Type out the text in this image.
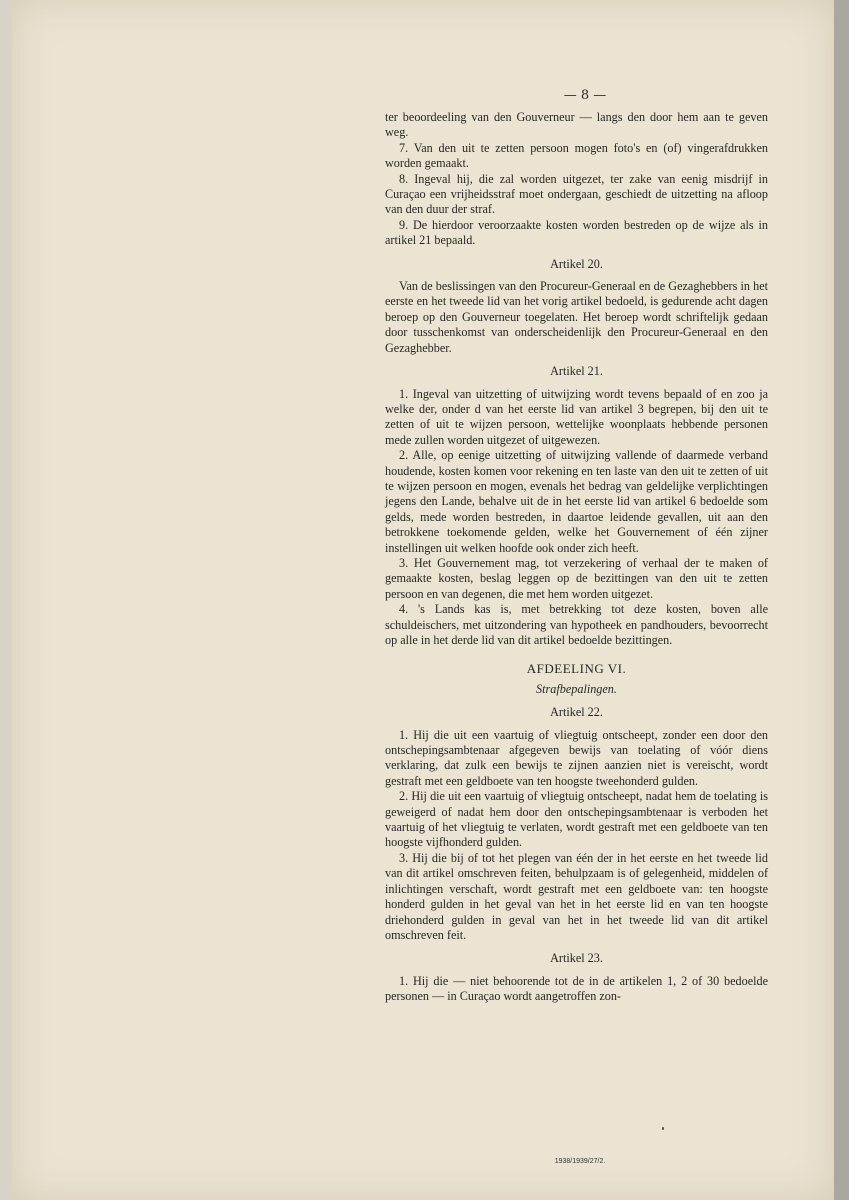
— 8 —

ter beoordeeling van den Gouverneur — langs den door hem aan te geven weg.

7. Van den uit te zetten persoon mogen foto's en (of) vingerafdrukken worden gemaakt.

8. Ingeval hij, die zal worden uitgezet, ter zake van eenig misdrijf in Curaçao een vrijheidsstraf moet ondergaan, geschiedt de uitzetting na afloop van den duur der straf.

9. De hierdoor veroorzaakte kosten worden bestreden op de wijze als in artikel 21 bepaald.

Artikel 20.

Van de beslissingen van den Procureur-Generaal en de Gezaghebbers in het eerste en het tweede lid van het vorig artikel bedoeld, is gedurende acht dagen beroep op den Gouverneur toegelaten. Het beroep wordt schriftelijk gedaan door tusschenkomst van onderscheidenlijk den Procureur-Generaal en den Gezaghebber.

Artikel 21.

1. Ingeval van uitzetting of uitwijzing wordt tevens bepaald of en zoo ja welke der, onder d van het eerste lid van artikel 3 begrepen, bij den uit te zetten of uit te wijzen persoon, wettelijke woonplaats hebbende personen mede zullen worden uitgezet of uitgewezen.

2. Alle, op eenige uitzetting of uitwijzing vallende of daarmede verband houdende, kosten komen voor rekening en ten laste van den uit te zetten of uit te wijzen persoon en mogen, evenals het bedrag van geldelijke verplichtingen jegens den Lande, behalve uit de in het eerste lid van artikel 6 bedoelde som gelds, mede worden bestreden, in daartoe leidende gevallen, uit aan den betrokkene toekomende gelden, welke het Gouvernement of één zijner instellingen uit welken hoofde ook onder zich heeft.

3. Het Gouvernement mag, tot verzekering of verhaal der te maken of gemaakte kosten, beslag leggen op de bezittingen van den uit te zetten persoon en van degenen, die met hem worden uitgezet.

4. 's Lands kas is, met betrekking tot deze kosten, boven alle schuldeischers, met uitzondering van hypotheek en pandhouders, bevoorrecht op alle in het derde lid van dit artikel bedoelde bezittingen.

AFDEELING VI.
Strafbepalingen.
Artikel 22.

1. Hij die uit een vaartuig of vliegtuig ontscheept, zonder een door den ontschepingsambtenaar afgegeven bewijs van toelating of vóór diens verklaring, dat zulk een bewijs te zijnen aanzien niet is vereischt, wordt gestraft met een geldboete van ten hoogste tweehonderd gulden.

2. Hij die uit een vaartuig of vliegtuig ontscheept, nadat hem de toelating is geweigerd of nadat hem door den ontschepingsambtenaar is verboden het vaartuig of het vliegtuig te verlaten, wordt gestraft met een geldboete van ten hoogste vijfhonderd gulden.

3. Hij die bij of tot het plegen van één der in het eerste en het tweede lid van dit artikel omschreven feiten, behulpzaam is of gelegenheid, middelen of inlichtingen verschaft, wordt gestraft met een geldboete van: ten hoogste honderd gulden in het geval van het in het eerste lid en van ten hoogste driehonderd gulden in geval van het in het tweede lid van dit artikel omschreven feit.

Artikel 23.

1. Hij die — niet behoorende tot de in de artikelen 1, 2 of 30 bedoelde personen — in Curaçao wordt aangetroffen zon-

1938/1939/27/2.
